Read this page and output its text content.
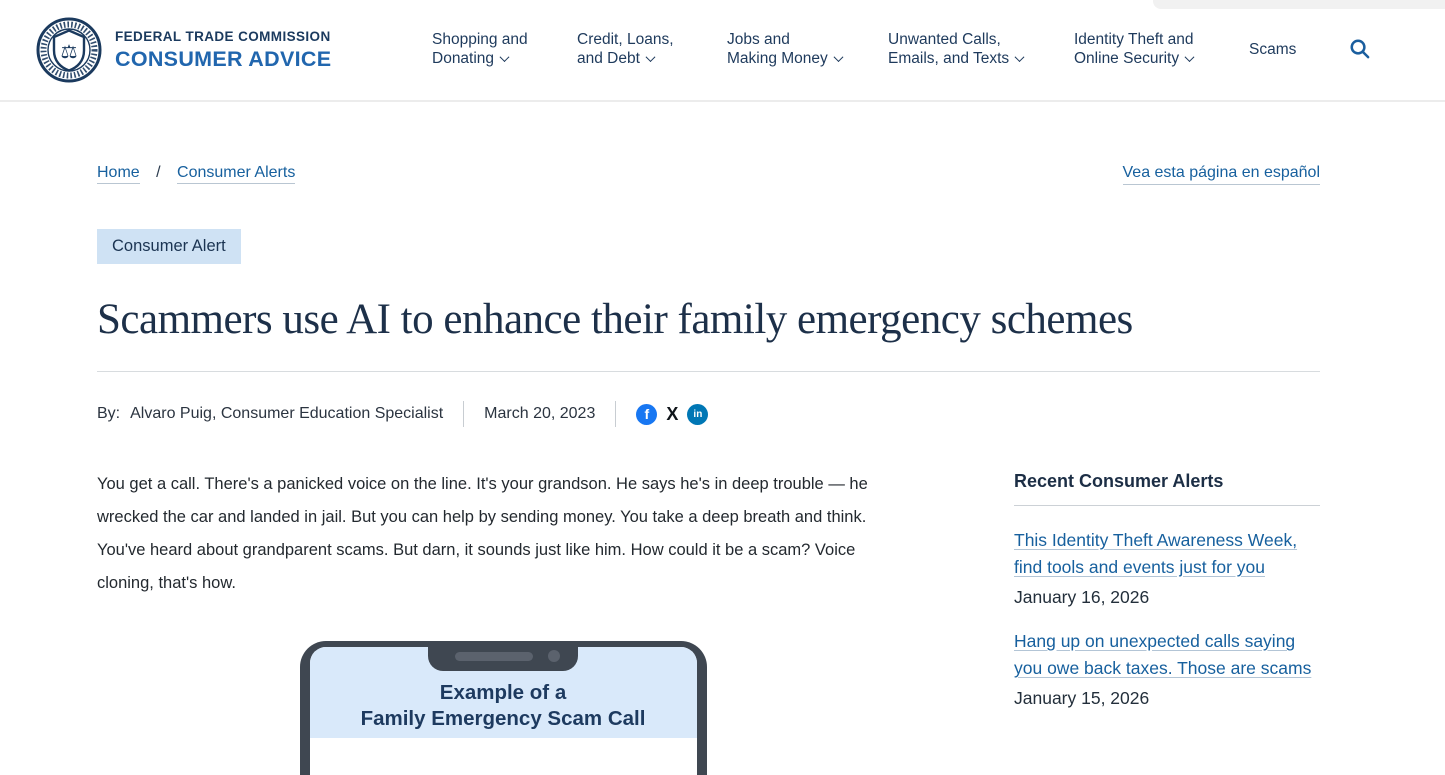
⚖
FEDERAL TRADE COMMISSION
CONSUMER ADVICE
Shopping and
Donating
Credit, Loans,
and Debt
Jobs and
Making Money
Unwanted Calls,
Emails, and Texts
Identity Theft and
Online Security
Scams
Home / Consumer Alerts	Vea esta página en español
Consumer Alert
Scammers use AI to enhance their family emergency schemes
By: Alvaro Puig, Consumer Education Specialist	March 20, 2023	f X	in

You get a call. There's a panicked voice on the line. It's your grandson. He says he's in deep trouble — he wrecked the car and landed in jail. But you can help by sending money. You take a deep breath and think. You've heard about grandparent scams. But darn, it sounds just like him. How could it be a scam? Voice cloning, that's how.

Example of a
Family Emergency Scam Call
Recent Consumer Alerts
This Identity Theft Awareness Week, find tools and events just for you
January 16, 2026
Hang up on unexpected calls saying you owe back taxes. Those are scams
January 15, 2026
